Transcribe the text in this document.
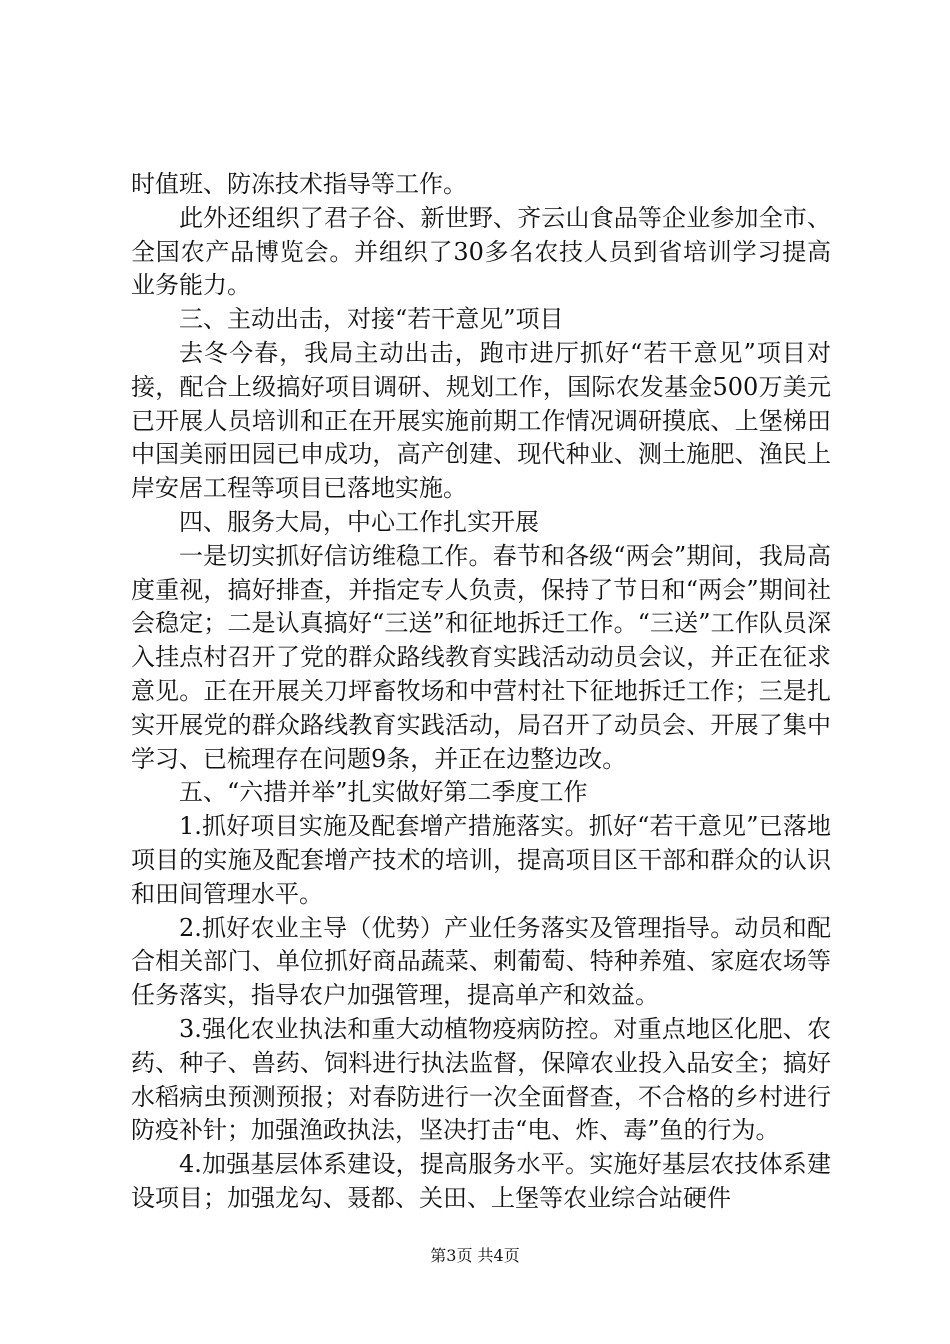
时值班、防冻技术指导等工作。

此外还组织了君子谷、新世野、齐云山食品等企业参加全市、全国农产品博览会。并组织了30多名农技人员到省培训学习提高业务能力。

三、主动出击，对接“若干意见”项目

去冬今春，我局主动出击，跑市进厅抓好“若干意见”项目对接，配合上级搞好项目调研、规划工作，国际农发基金500万美元已开展人员培训和正在开展实施前期工作情况调研摸底、上堡梯田中国美丽田园已申成功，高产创建、现代种业、测土施肥、渔民上岸安居工程等项目已落地实施。

四、服务大局，中心工作扎实开展

一是切实抓好信访维稳工作。春节和各级“两会”期间，我局高度重视，搞好排查，并指定专人负责，保持了节日和“两会”期间社会稳定；二是认真搞好“三送”和征地拆迁工作。“三送”工作队员深入挂点村召开了党的群众路线教育实践活动动员会议，并正在征求意见。正在开展关刀坪畜牧场和中营村社下征地拆迁工作；三是扎实开展党的群众路线教育实践活动，局召开了动员会、开展了集中学习、已梳理存在问题9条，并正在边整边改。

五、“六措并举”扎实做好第二季度工作

1.抓好项目实施及配套增产措施落实。抓好“若干意见”已落地项目的实施及配套增产技术的培训，提高项目区干部和群众的认识和田间管理水平。

2.抓好农业主导（优势）产业任务落实及管理指导。动员和配合相关部门、单位抓好商品蔬菜、刺葡萄、特种养殖、家庭农场等任务落实，指导农户加强管理，提高单产和效益。

3.强化农业执法和重大动植物疫病防控。对重点地区化肥、农药、种子、兽药、饲料进行执法监督，保障农业投入品安全；搞好水稻病虫预测预报；对春防进行一次全面督查，不合格的乡村进行防疫补针；加强渔政执法，坚决打击“电、炸、毒”鱼的行为。

4.加强基层体系建设，提高服务水平。实施好基层农技体系建设项目；加强龙勾、聂都、关田、上堡等农业综合站硬件

第3页 共4页
